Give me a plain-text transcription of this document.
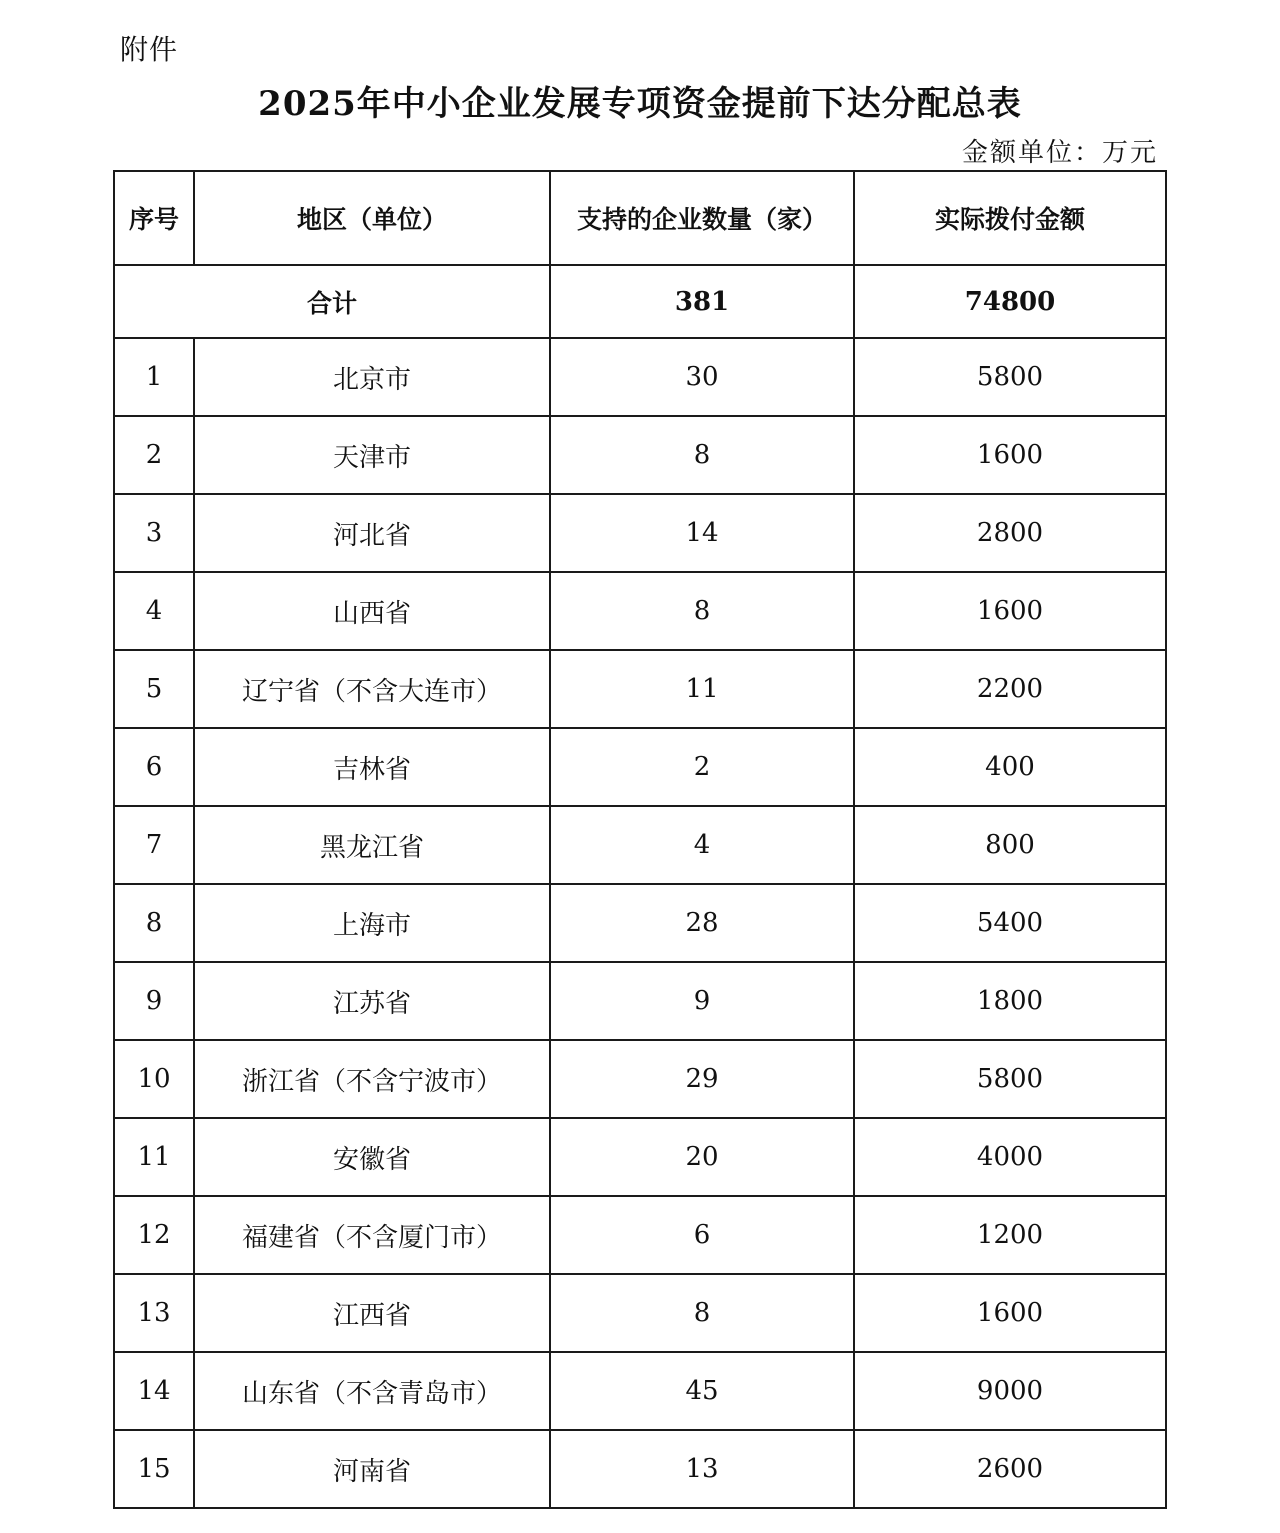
附件
2025年中小企业发展专项资金提前下达分配总表
金额单位：万元
序号	地区（单位）	支持的企业数量（家）	实际拨付金额
合计		381	74800
1	北京市	30	5800
2	天津市	8	1600
3	河北省	14	2800
4	山西省	8	1600
5	辽宁省（不含大连市）	11	2200
6	吉林省	2	400
7	黑龙江省	4	800
8	上海市	28	5400
9	江苏省	9	1800
10	浙江省（不含宁波市）	29	5800
11	安徽省	20	4000
12	福建省（不含厦门市）	6	1200
13	江西省	8	1600
14	山东省（不含青岛市）	45	9000
15	河南省	13	2600
